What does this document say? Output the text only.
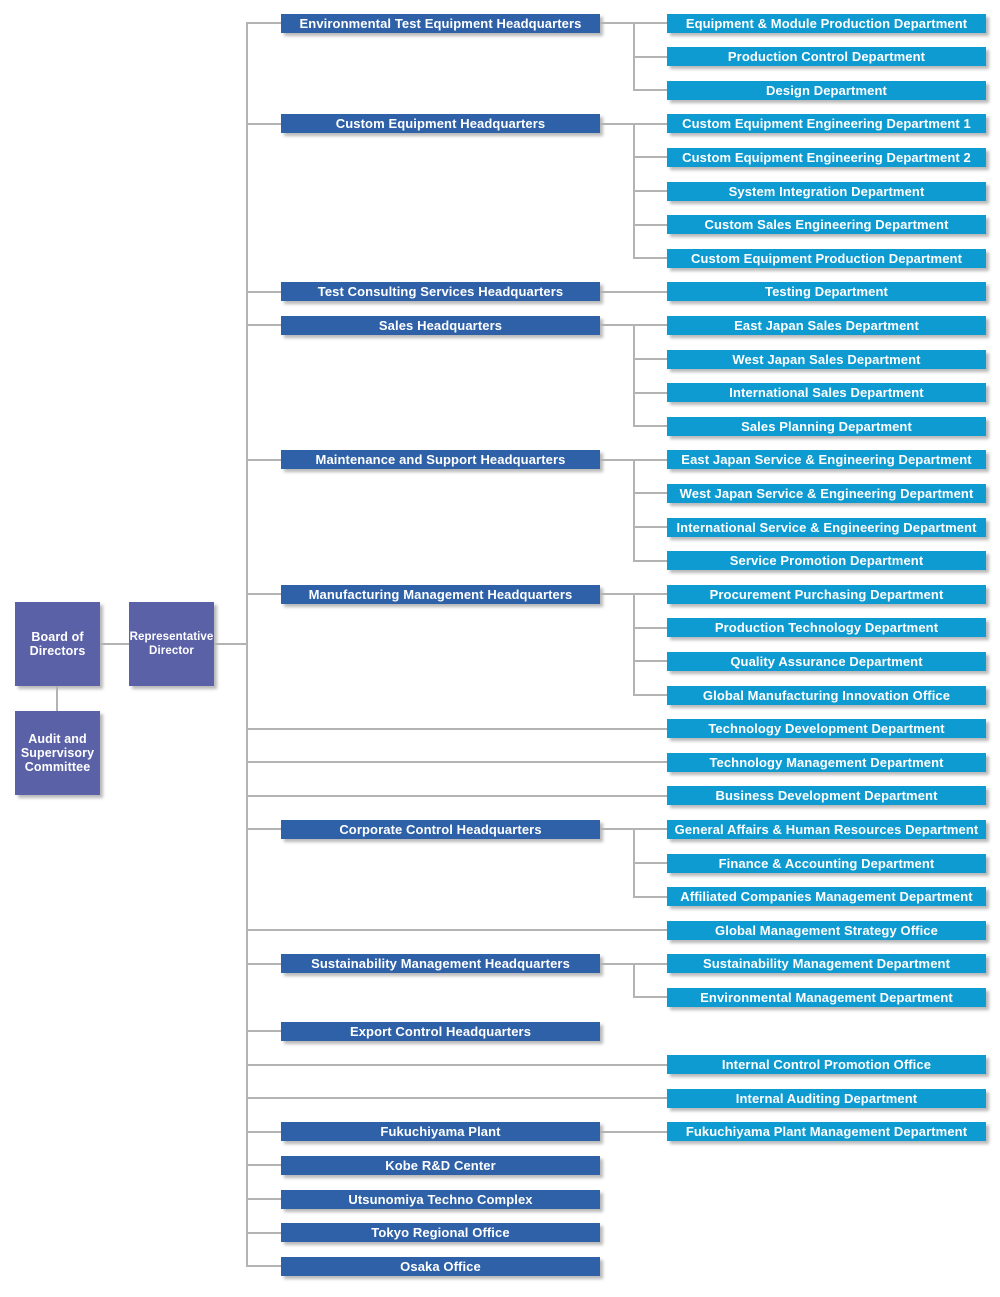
Board of Directors
Audit and Supervisory Committee
Representative Director
Environmental Test Equipment Headquarters	Equipment & Module Production Department
Production Control Department
Design Department
Custom Equipment Headquarters	Custom Equipment Engineering Department 1
Custom Equipment Engineering Department 2
System Integration Department
Custom Sales Engineering Department
Custom Equipment Production Department
Test Consulting Services Headquarters	Testing Department
Sales Headquarters	East Japan Sales Department
West Japan Sales Department
International Sales Department
Sales Planning Department
Maintenance and Support Headquarters	East Japan Service & Engineering Department
West Japan Service & Engineering Department
International Service & Engineering Department
Service Promotion Department
Manufacturing Management Headquarters	Procurement Purchasing Department
Production Technology Department
Quality Assurance Department
Global Manufacturing Innovation Office
Technology Development Department
Technology Management Department
Business Development Department
Corporate Control Headquarters	General Affairs & Human Resources Department
Finance & Accounting Department
Affiliated Companies Management Department
Global Management Strategy Office
Sustainability Management Headquarters	Sustainability Management Department
Environmental Management Department
Export Control Headquarters
Internal Control Promotion Office
Internal Auditing Department
Fukuchiyama Plant	Fukuchiyama Plant Management Department
Kobe R&D Center
Utsunomiya Techno Complex
Tokyo Regional Office
Osaka Office
